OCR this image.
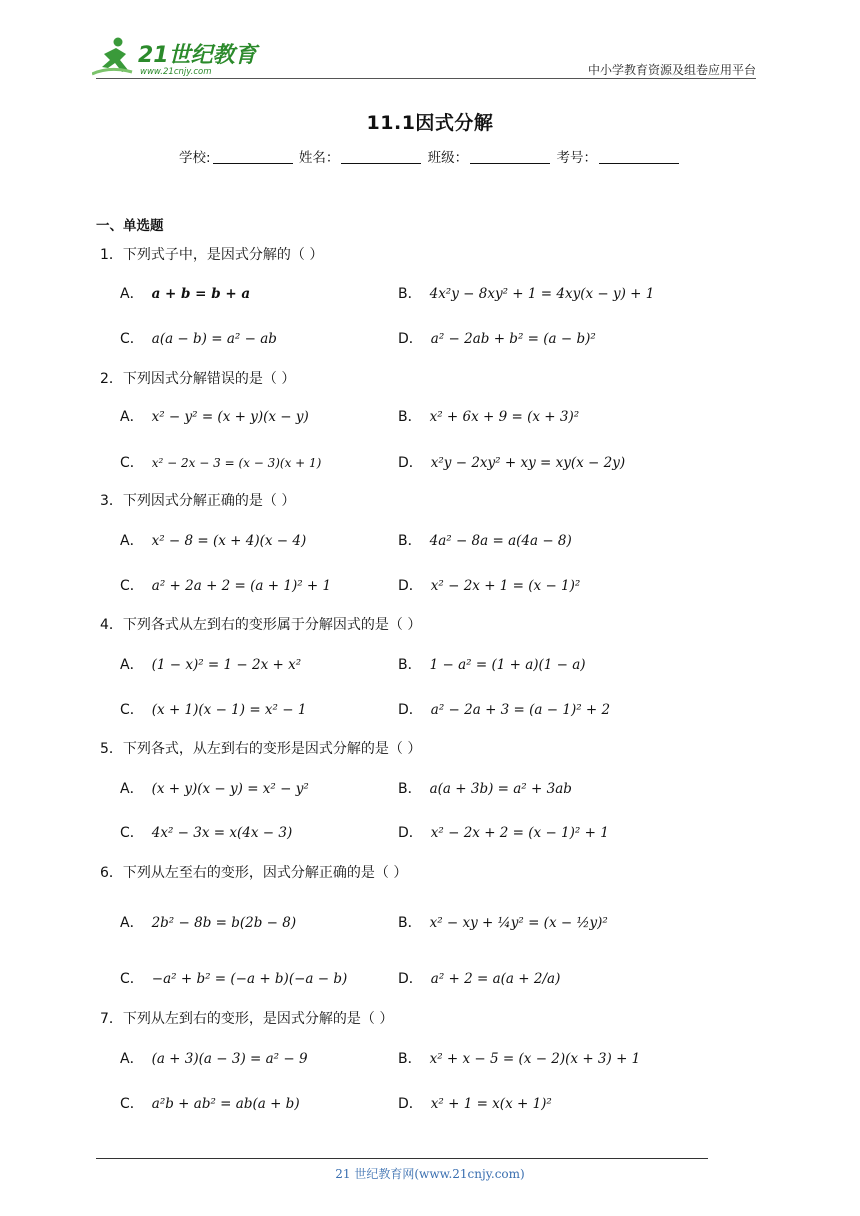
21世纪教育
www.21cnjy.com	中小学教育资源及组卷应用平台
11.1因式分解
学校:	姓名：	班级：	考号：
一、单选题
1．下列式子中，是因式分解的（ ）
A． a + b = b + a	B． 4x²y − 8xy² + 1 = 4xy(x − y) + 1
C． a(a − b) = a² − ab	D． a² − 2ab + b² = (a − b)²
2．下列因式分解错误的是（ ）
A． x² − y² = (x + y)(x − y)	B． x² + 6x + 9 = (x + 3)²
C． x² − 2x − 3 = (x − 3)(x + 1)	D． x²y − 2xy² + xy = xy(x − 2y)
3．下列因式分解正确的是（ ）
A． x² − 8 = (x + 4)(x − 4)	B． 4a² − 8a = a(4a − 8)
C． a² + 2a + 2 = (a + 1)² + 1	D． x² − 2x + 1 = (x − 1)²
4．下列各式从左到右的变形属于分解因式的是（ ）
A． (1 − x)² = 1 − 2x + x²	B． 1 − a² = (1 + a)(1 − a)
C． (x + 1)(x − 1) = x² − 1	D． a² − 2a + 3 = (a − 1)² + 2
5．下列各式，从左到右的变形是因式分解的是（ ）
A． (x + y)(x − y) = x² − y²	B． a(a + 3b) = a² + 3ab
C． 4x² − 3x = x(4x − 3)	D． x² − 2x + 2 = (x − 1)² + 1
6．下列从左至右的变形，因式分解正确的是（ ）
A． 2b² − 8b = b(2b − 8)	B． x² − xy + ¼y² = (x − ½y)²
C． −a² + b² = (−a + b)(−a − b)	D． a² + 2 = a(a + 2/a)
7．下列从左到右的变形，是因式分解的是（ ）
A． (a + 3)(a − 3) = a² − 9	B． x² + x − 5 = (x − 2)(x + 3) + 1
C． a²b + ab² = ab(a + b)	D． x² + 1 = x(x + 1)²
21 世纪教育网(www.21cnjy.com)
